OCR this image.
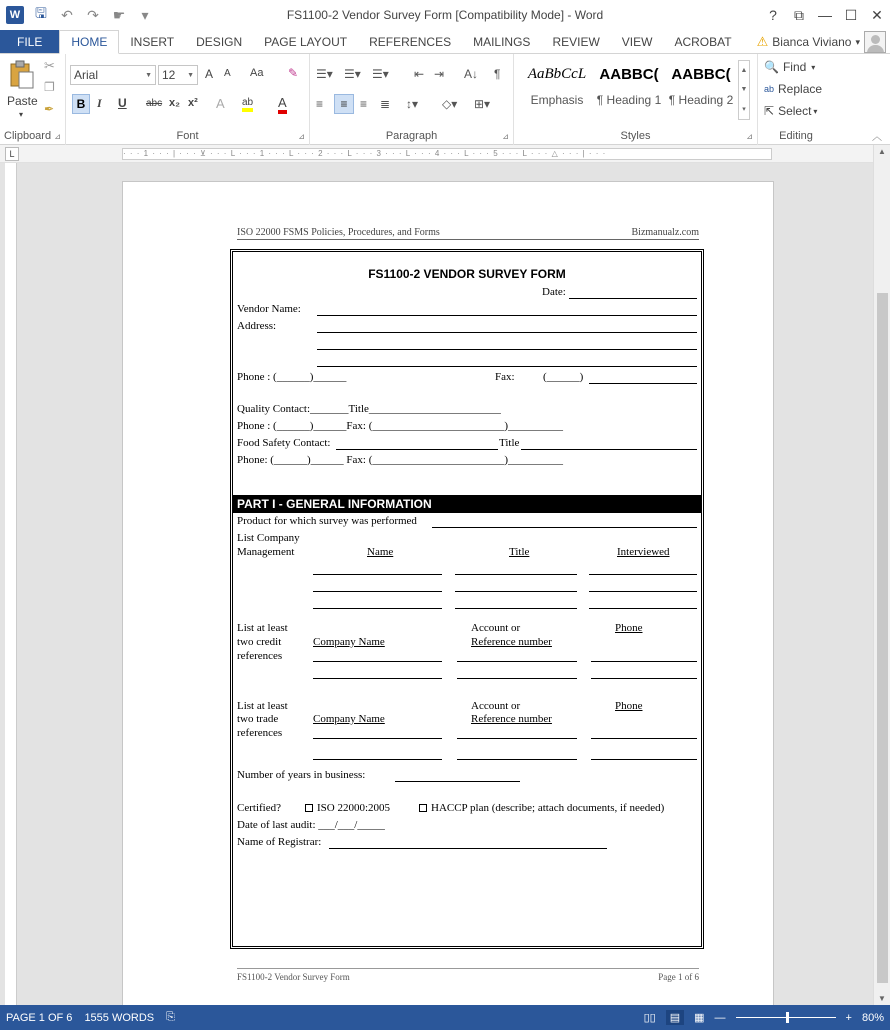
W 🖫 ↶ ↷ ☛	▾	FS1100-2 Vendor Survey Form [Compatibility Mode] - Word	?	⧉	— ☐ ✕
FILE	HOME	INSERT	DESIGN	PAGE LAYOUT	REFERENCES	MAILINGS	REVIEW	VIEW	ACROBAT	⚠ Bianca Viviano ▾
Paste
▾
✂
❐
✒
Clipboard ⊿
Arial	▼ 12 ▼ A A Aa ✎
B I U abc x₂ x² A ab A
Font	⊿
☰▾ ☰▾ ☰▾ ⇤ ⇥ A↓ ¶
≡	≡	≡ ≣ ↕▾ ◇▾ ⊞▾
Paragraph	⊿
AaBbCcL
Emphasis
AABBC(
¶ Heading 1
AABBC(
¶ Heading 2
▲
▼
▾
Styles	⊿
🔍 Find ▾
ab Replace
⇱ Select ▾
Editing	︿
L	· · · 1 · · · | · · · ⊻ · · · L · · · 1 · · · L · · · 2 · · · L · · · 3 · · · L · · · 4 · · · L · · · 5 · · · L · · · △ · · · | · · ·
ISO 22000 FSMS Policies, Procedures, and Forms	Bizmanualz.com
FS1100-2 VENDOR SURVEY FORM
Date:
Vendor Name:
Address:
Phone : (______)______	Fax:	(______)
Quality Contact:_______Title________________________
Phone : (______)______Fax: (________________________)__________
Food Safety Contact:	Title
Phone: (______)______ Fax: (________________________)__________
PART I - GENERAL INFORMATION
Product for which survey was performed
List Company
Management	Name	Title	Interviewed
List at least
two credit
references
Account or
Reference number
Company Name
Phone
List at least
two trade
references
Account or
Reference number
Company Name
Phone
Number of years in business:
Certified?	ISO 22000:2005	HACCP plan (describe; attach documents, if needed)
Date of last audit: ___/___/_____
Name of Registrar:
FS1100-2 Vendor Survey Form	Page 1 of 6
▲
▼
PAGE 1 OF 6	1555 WORDS	⎘	▯▯	▤	▦ —	+ 80%
